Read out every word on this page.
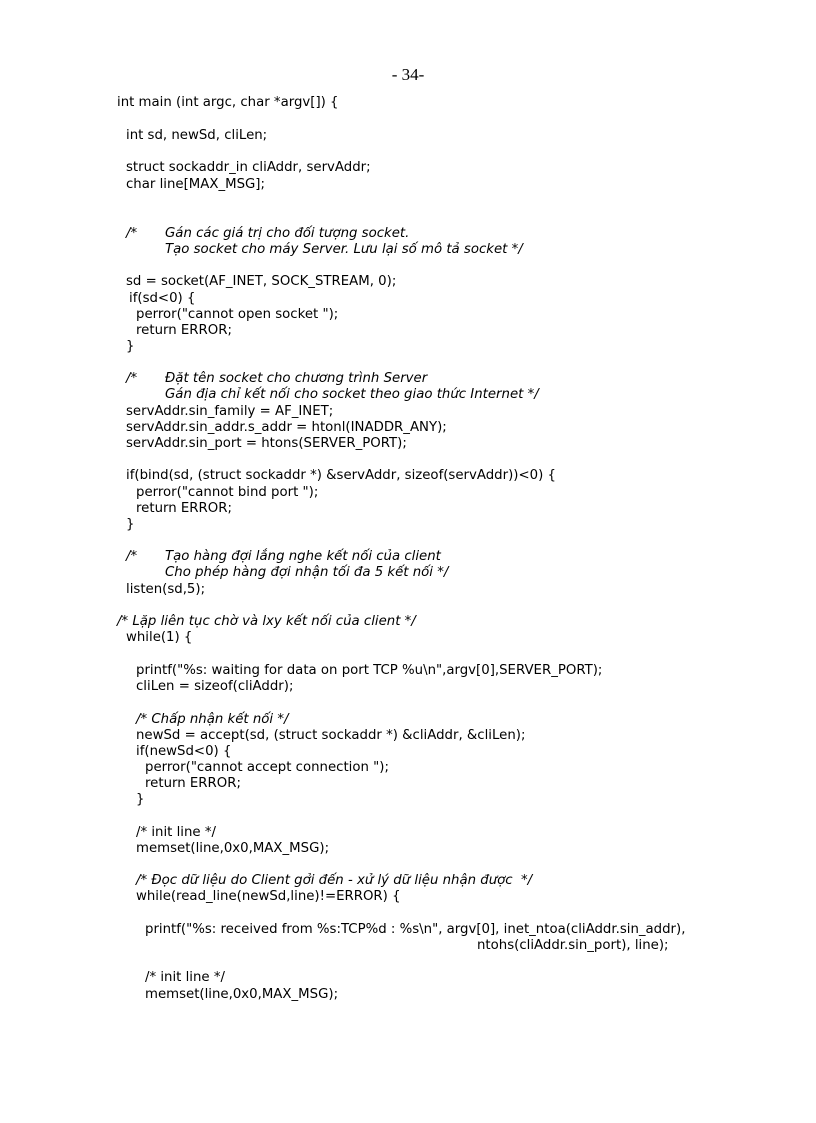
- 34-
int main (int argc, char *argv[]) {
int sd, newSd, cliLen;
struct sockaddr_in cliAddr, servAddr;
char line[MAX_MSG];
/* Gán các giá trị cho đối tượng socket.
Tạo socket cho máy Server. Lưu lại số mô tả socket */
sd = socket(AF_INET, SOCK_STREAM, 0);
if(sd<0) {
perror("cannot open socket ");
return ERROR;
}
/* Đặt tên socket cho chương trình Server
Gán địa chỉ kết nối cho socket theo giao thức Internet */
servAddr.sin_family = AF_INET;
servAddr.sin_addr.s_addr = htonl(INADDR_ANY);
servAddr.sin_port = htons(SERVER_PORT);
if(bind(sd, (struct sockaddr *) &servAddr, sizeof(servAddr))<0) {
perror("cannot bind port ");
return ERROR;
}
/* Tạo hàng đợi lắng nghe kết nối của client
Cho phép hàng đợi nhận tối đa 5 kết nối */
listen(sd,5);
/* Lặp liên tục chờ và lxy kết nối của client */
while(1) {
printf("%s: waiting for data on port TCP %u\n",argv[0],SERVER_PORT);
cliLen = sizeof(cliAddr);
/* Chấp nhận kết nối */
newSd = accept(sd, (struct sockaddr *) &cliAddr, &cliLen);
if(newSd<0) {
perror("cannot accept connection ");
return ERROR;
}
/* init line */
memset(line,0x0,MAX_MSG);
/* Đọc dữ liệu do Client gởi đến - xử lý dữ liệu nhận được  */
while(read_line(newSd,line)!=ERROR) {
printf("%s: received from %s:TCP%d : %s\n", argv[0], inet_ntoa(cliAddr.sin_addr),
ntohs(cliAddr.sin_port), line);
/* init line */
memset(line,0x0,MAX_MSG);
